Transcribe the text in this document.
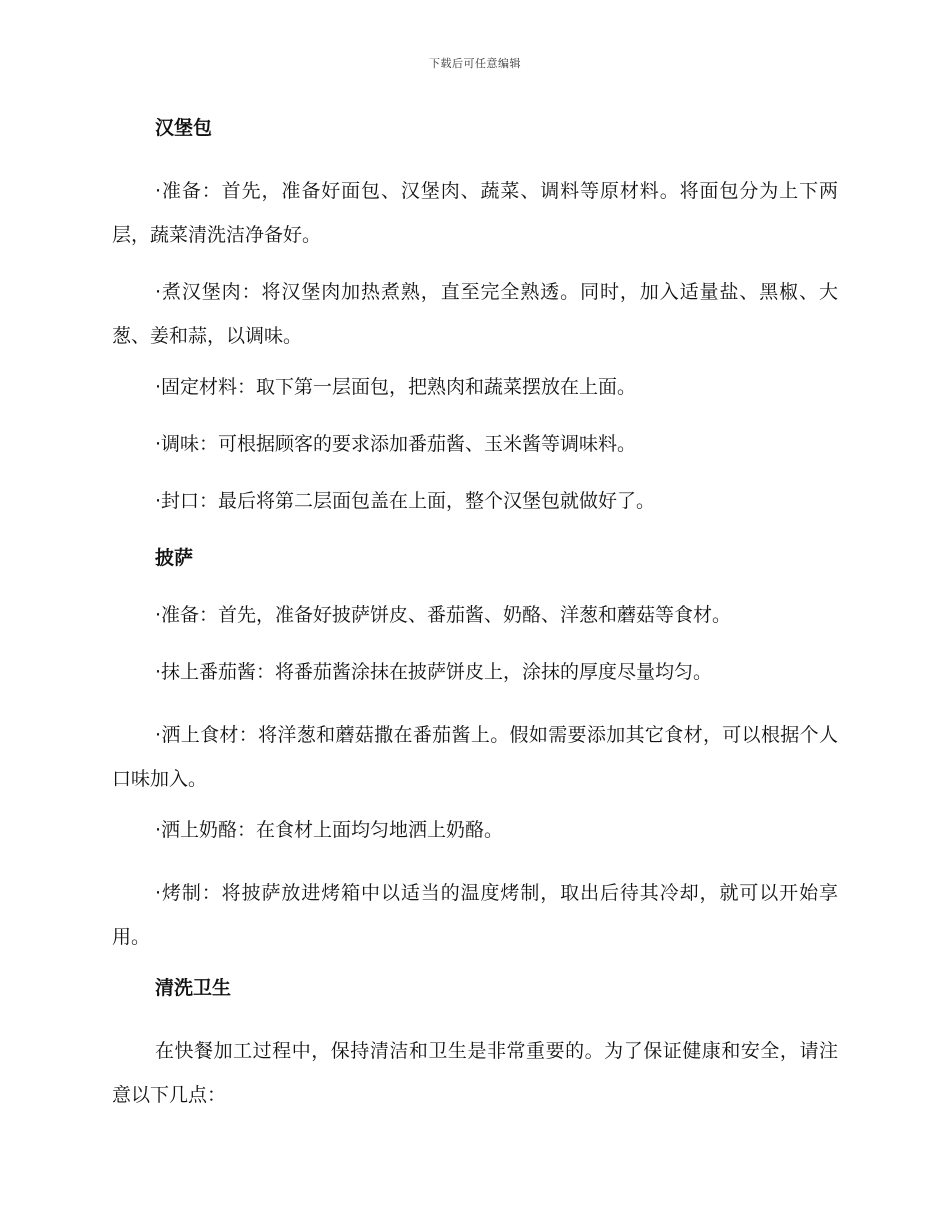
下载后可任意编辑
汉堡包

·准备：首先，准备好面包、汉堡肉、蔬菜、调料等原材料。将面包分为上下两层，蔬菜清洗洁净备好。

·煮汉堡肉：将汉堡肉加热煮熟，直至完全熟透。同时，加入适量盐、黑椒、大葱、姜和蒜，以调味。

·固定材料：取下第一层面包，把熟肉和蔬菜摆放在上面。

·调味：可根据顾客的要求添加番茄酱、玉米酱等调味料。

·封口：最后将第二层面包盖在上面，整个汉堡包就做好了。

披萨

·准备：首先，准备好披萨饼皮、番茄酱、奶酪、洋葱和蘑菇等食材。

·抹上番茄酱：将番茄酱涂抹在披萨饼皮上，涂抹的厚度尽量均匀。

·洒上食材：将洋葱和蘑菇撒在番茄酱上。假如需要添加其它食材，可以根据个人口味加入。

·洒上奶酪：在食材上面均匀地洒上奶酪。

·烤制：将披萨放进烤箱中以适当的温度烤制，取出后待其冷却，就可以开始享用。

清洗卫生

在快餐加工过程中，保持清洁和卫生是非常重要的。为了保证健康和安全，请注意以下几点：
